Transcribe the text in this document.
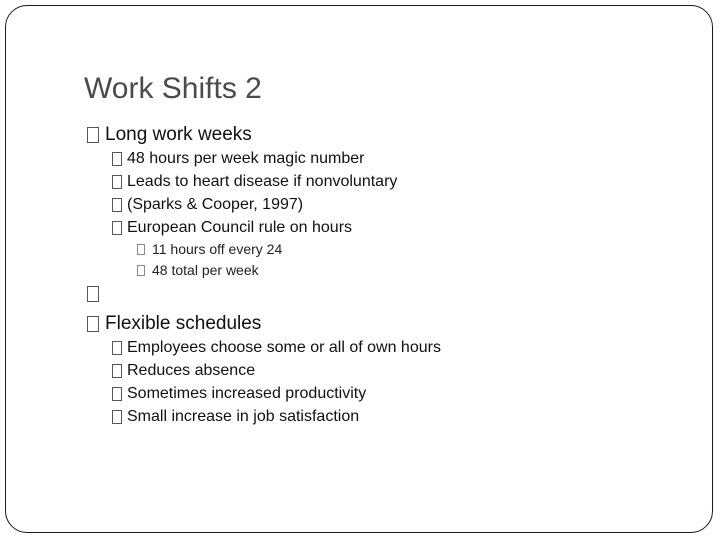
Work Shifts 2
Long work weeks
48 hours per week magic number
Leads to heart disease if nonvoluntary
(Sparks & Cooper, 1997)
European Council rule on hours
11 hours off every 24
48 total per week
Flexible schedules
Employees choose some or all of own hours
Reduces absence
Sometimes increased productivity
Small increase in job satisfaction
